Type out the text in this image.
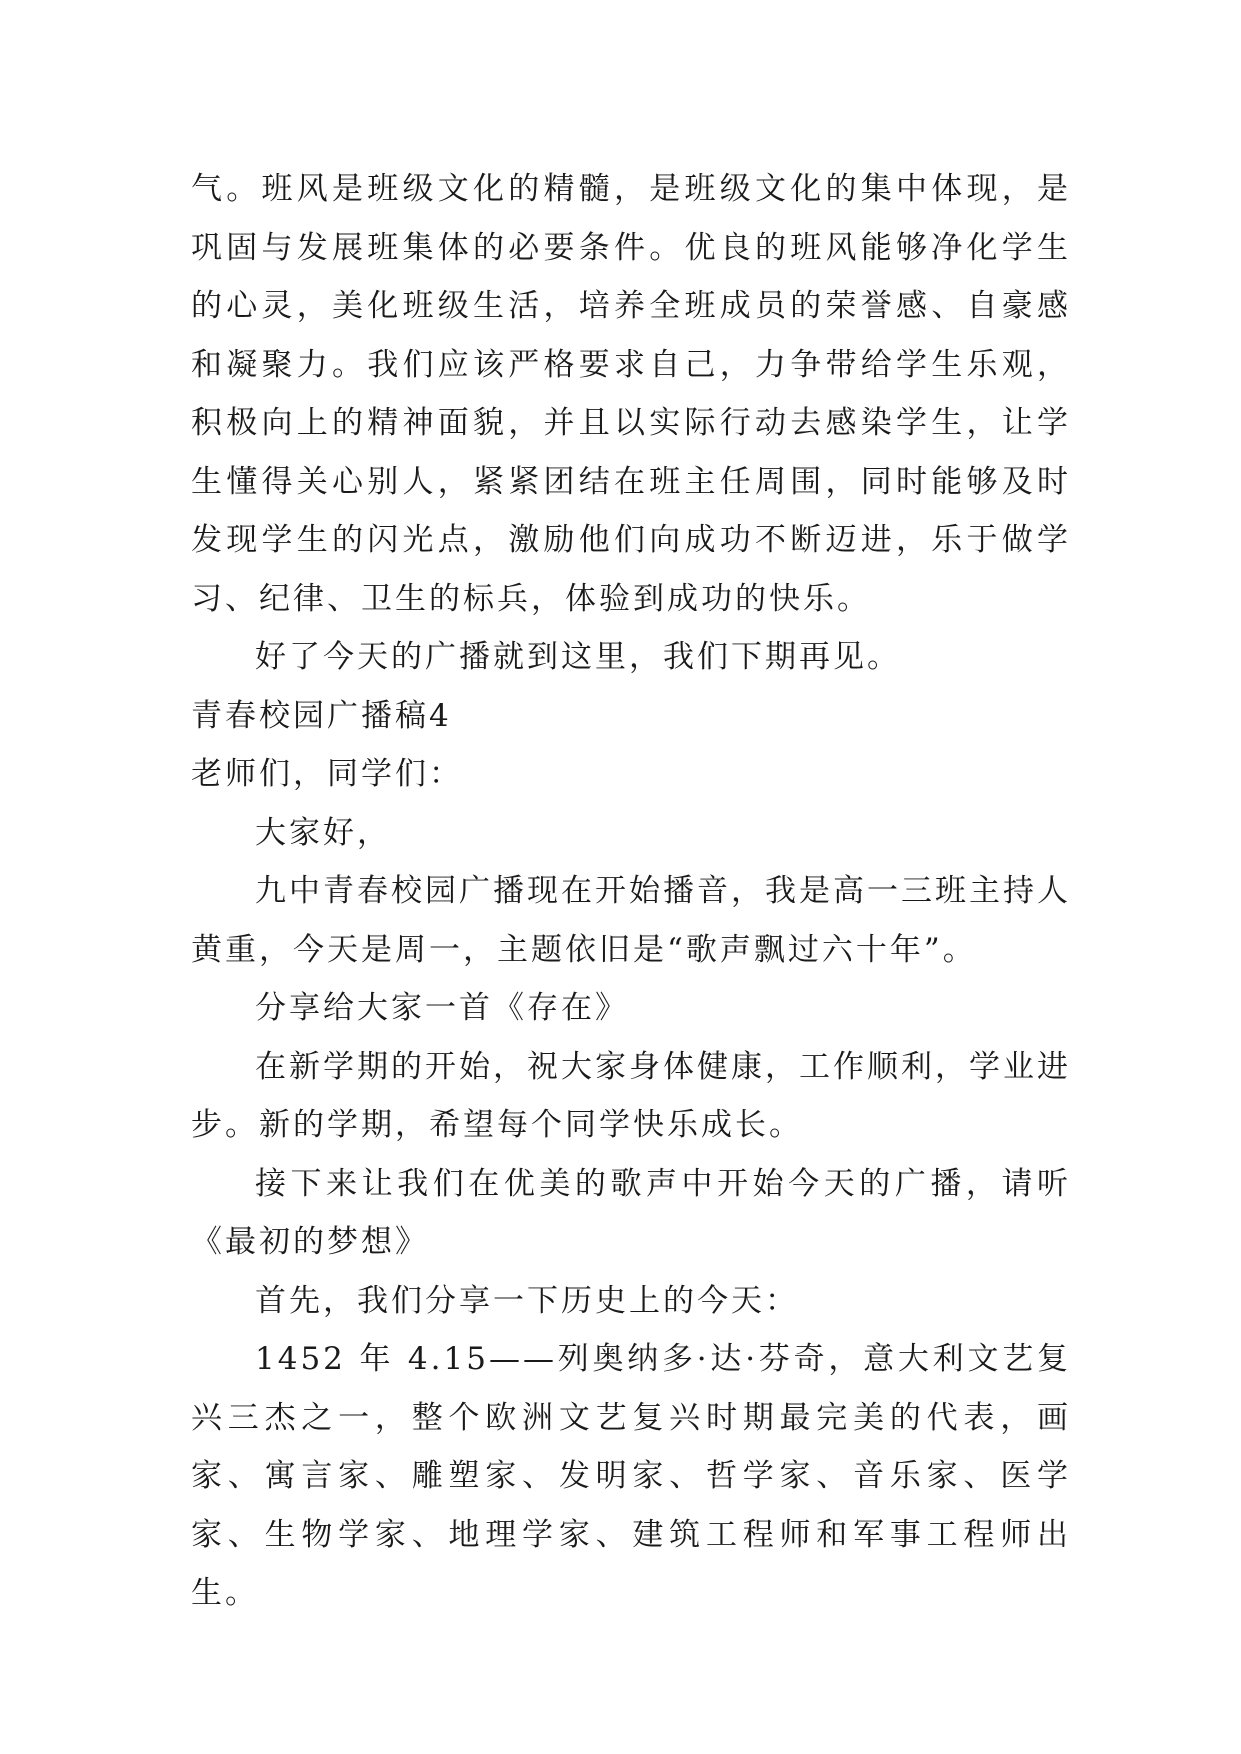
气。班风是班级文化的精髓，是班级文化的集中体现，是巩固与发展班集体的必要条件。优良的班风能够净化学生的心灵，美化班级生活，培养全班成员的荣誉感、自豪感和凝聚力。我们应该严格要求自己，力争带给学生乐观，积极向上的精神面貌，并且以实际行动去感染学生，让学生懂得关心别人，紧紧团结在班主任周围，同时能够及时发现学生的闪光点，激励他们向成功不断迈进，乐于做学习、纪律、卫生的标兵，体验到成功的快乐。

好了今天的广播就到这里，我们下期再见。

青春校园广播稿4

老师们，同学们：

大家好，

九中青春校园广播现在开始播音，我是高一三班主持人黄重，今天是周一，主题依旧是“歌声飘过六十年”。

分享给大家一首《存在》

在新学期的开始，祝大家身体健康，工作顺利，学业进步。新的学期，希望每个同学快乐成长。

接下来让我们在优美的歌声中开始今天的广播，请听《最初的梦想》

首先，我们分享一下历史上的今天：

1452 年 4.15——列奥纳多·达·芬奇，意大利文艺复兴三杰之一，整个欧洲文艺复兴时期最完美的代表，画家、寓言家、雕塑家、发明家、哲学家、音乐家、医学家、生物学家、地理学家、建筑工程师和军事工程师出生。
